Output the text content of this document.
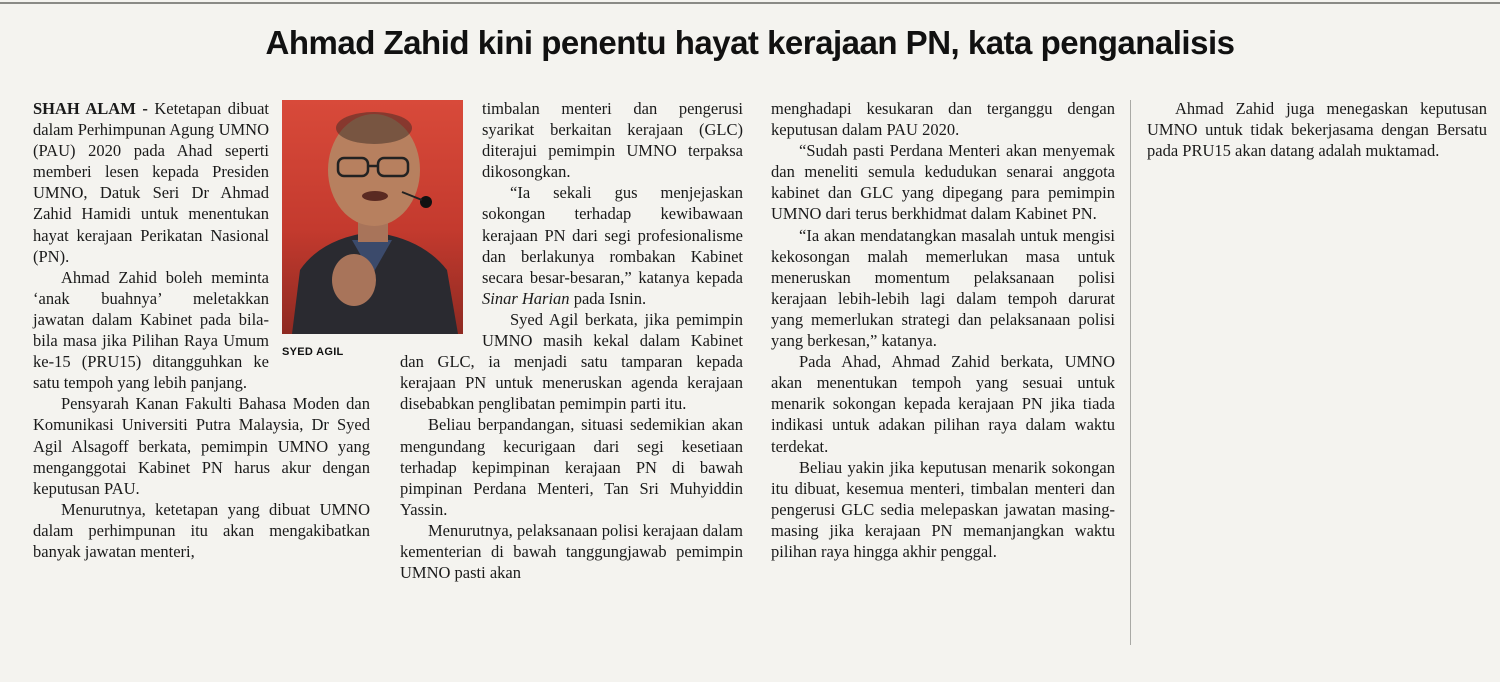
Ahmad Zahid kini penentu hayat kerajaan PN, kata penganalisis
SYED AGIL

SHAH ALAM - Ketetapan dibuat dalam Perhimpunan Agung UMNO (PAU) 2020 pada Ahad seperti memberi lesen kepada Presiden UMNO, Datuk Seri Dr Ahmad Zahid Hamidi untuk menentukan hayat kerajaan Perikatan Nasional (PN).

Ahmad Zahid boleh meminta ‘anak buahnya’ meletakkan jawatan dalam Kabinet pada bila-bila masa jika Pilihan Raya Umum ke-15 (PRU15) ditangguhkan ke satu tempoh yang lebih panjang.

Pensyarah Kanan Fakulti Bahasa Moden dan Komunikasi Universiti Putra Malaysia, Dr Syed Agil Alsagoff berkata, pemimpin UMNO yang menganggotai Kabinet PN harus akur dengan keputusan PAU.

Menurutnya, ketetapan yang dibuat UMNO dalam perhimpunan itu akan mengakibatkan banyak jawatan menteri,

timbalan menteri dan pengerusi syarikat berkaitan kerajaan (GLC) diterajui pemimpin UMNO terpaksa dikosongkan.

“Ia sekali gus menjejaskan sokongan terhadap kewibawaan kerajaan PN dari segi profesionalisme dan berlakunya rombakan Kabinet secara besar-besaran,” katanya kepada Sinar Harian pada Isnin.

Syed Agil berkata, jika pemimpin UMNO masih kekal dalam Kabinet dan GLC, ia menjadi satu tamparan kepada kerajaan PN untuk meneruskan agenda kerajaan disebabkan penglibatan pemimpin parti itu.

Beliau berpandangan, situasi sedemikian akan mengundang kecurigaan dari segi kesetiaan terhadap kepimpinan kerajaan PN di bawah pimpinan Perdana Menteri, Tan Sri Muhyiddin Yassin.

Menurutnya, pelaksanaan polisi kerajaan dalam kementerian di bawah tanggungjawab pemimpin UMNO pasti akan

menghadapi kesukaran dan terganggu dengan keputusan dalam PAU 2020.

“Sudah pasti Perdana Menteri akan menyemak dan meneliti semula kedudukan senarai anggota kabinet dan GLC yang dipegang para pemimpin UMNO dari terus berkhidmat dalam Kabinet PN.

“Ia akan mendatangkan masalah untuk mengisi kekosongan malah memerlukan masa untuk meneruskan momentum pelaksanaan polisi kerajaan lebih-lebih lagi dalam tempoh darurat yang memerlukan strategi dan pelaksanaan polisi yang berkesan,” katanya.

Pada Ahad, Ahmad Zahid berkata, UMNO akan menentukan tempoh yang sesuai untuk menarik sokongan kepada kerajaan PN jika tiada indikasi untuk adakan pilihan raya dalam waktu terdekat.

Beliau yakin jika keputusan menarik sokongan itu dibuat, kesemua menteri, timbalan menteri dan pengerusi GLC sedia melepaskan jawatan masing-masing jika kerajaan PN memanjangkan waktu pilihan raya hingga akhir penggal.

Ahmad Zahid juga menegaskan keputusan UMNO untuk tidak bekerjasama dengan Bersatu pada PRU15 akan datang adalah muktamad.
